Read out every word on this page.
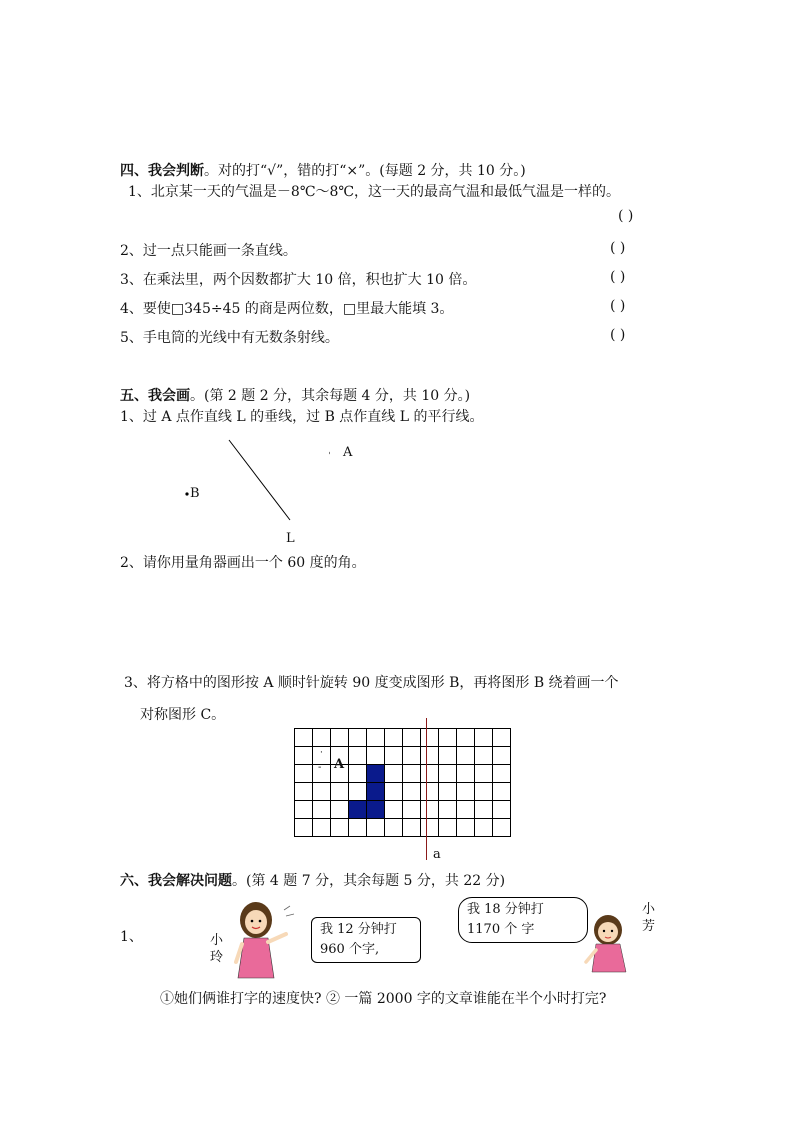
四、我会判断。对的打“√”，错的打“×”。(每题 2 分，共 10 分。)
1、北京某一天的气温是－8℃～8℃，这一天的最高气温和最低气温是一样的。
( )
2、过一点只能画一条直线。	( )
3、在乘法里，两个因数都扩大 10 倍，积也扩大 10 倍。	( )
4、要使□345÷45 的商是两位数，□里最大能填 3。	( )
5、手电筒的光线中有无数条射线。	( )
五、我会画。(第 2 题 2 分，其余每题 4 分，共 10 分。)
1、过 A 点作直线 L 的垂线，过 B 点作直线 L 的平行线。
A
B
L
2、请你用量角器画出一个 60 度的角。
3、将方格中的图形按 A 顺时针旋转 90 度变成图形 B，再将图形 B 绕着画一个
对称图形 C。

-
·
A
a
六、我会解决问题。(第 4 题 7 分，其余每题 5 分，共 22 分)
1、	小玲
我 12 分钟打
960 个字,
我 18 分钟打
1170 个 字
小芳
①她们俩谁打字的速度快? ② 一篇 2000 字的文章谁能在半个小时打完?
